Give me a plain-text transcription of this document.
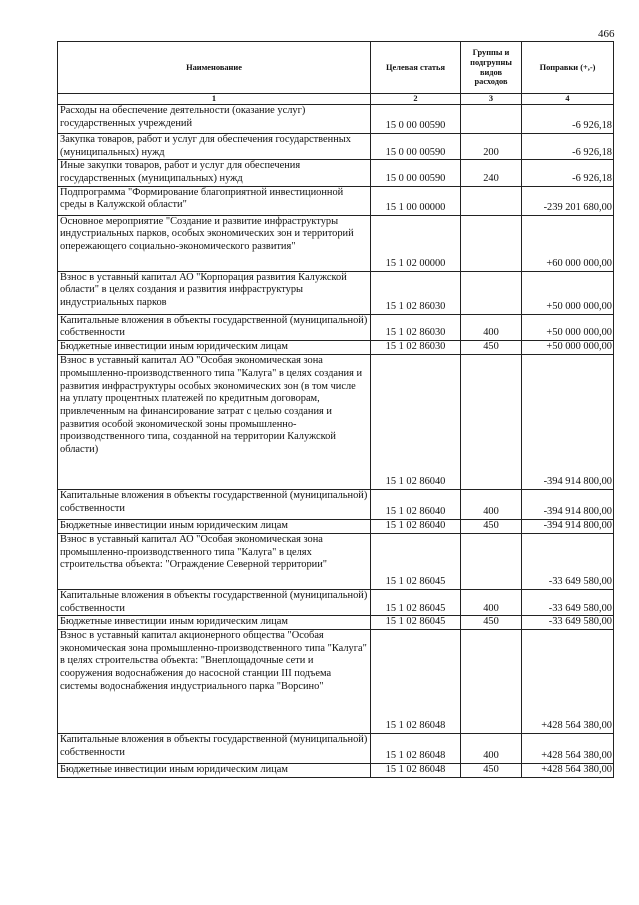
466
Наименование	Целевая статья	Группы и подгрупны видов расходов	Поправки (+,-)
1	2	3	4
Расходы на обеспечение деятельности (оказание услуг) государственных учреждений	15 0 00 00590		-6 926,18
Закупка товаров, работ и услуг для обеспечения государственных (муниципальных) нужд	15 0 00 00590	200	-6 926,18
Иные закупки товаров, работ и услуг для обеспечения государственных (муниципальных) нужд	15 0 00 00590	240	-6 926,18
Подпрограмма "Формирование благоприятной инвестиционной среды в Калужской области"	15 1 00 00000		-239 201 680,00
Основное мероприятие "Создание и развитие инфраструктуры индустриальных парков, особых экономических зон и территорий опережающего социально-экономического развития"	15 1 02 00000		+60 000 000,00
Взнос в уставный капитал АО "Корпорация развития Калужской области" в целях создания и развития инфраструктуры индустриальных парков	15 1 02 86030		+50 000 000,00
Капитальные вложения в объекты государственной (муниципальной) собственности	15 1 02 86030	400	+50 000 000,00
Бюджетные инвестиции иным юридическим лицам	15 1 02 86030	450	+50 000 000,00
Взнос в уставный капитал АО "Особая экономическая зона промышленно-производственного типа "Калуга" в целях создания и развития инфраструктуры особых экономических зон (в том числе на уплату процентных платежей по кредитным договорам, привлеченным на финансирование затрат с целью создания и развития особой экономической зоны промышленно-производственного типа, созданной на территории Калужской области)	15 1 02 86040		-394 914 800,00
Капитальные вложения в объекты государственной (муниципальной) собственности	15 1 02 86040	400	-394 914 800,00
Бюджетные инвестиции иным юридическим лицам	15 1 02 86040	450	-394 914 800,00
Взнос в уставный капитал АО "Особая экономическая зона промышленно-производственного типа "Калуга" в целях строительства объекта: "Ограждение Северной территории"	15 1 02 86045		-33 649 580,00
Капитальные вложения в объекты государственной (муниципальной) собственности	15 1 02 86045	400	-33 649 580,00
Бюджетные инвестиции иным юридическим лицам	15 1 02 86045	450	-33 649 580,00
Взнос в уставный капитал акционерного общества "Особая экономическая зона промышленно-производственного типа "Калуга" в целях строительства объекта: "Внеплощадочные сети и сооружения водоснабжения до насосной станции III подъема системы водоснабжения индустриального парка "Ворсино"	15 1 02 86048		+428 564 380,00
Капитальные вложения в объекты государственной (муниципальной) собственности	15 1 02 86048	400	+428 564 380,00
Бюджетные инвестиции иным юридическим лицам	15 1 02 86048	450	+428 564 380,00
